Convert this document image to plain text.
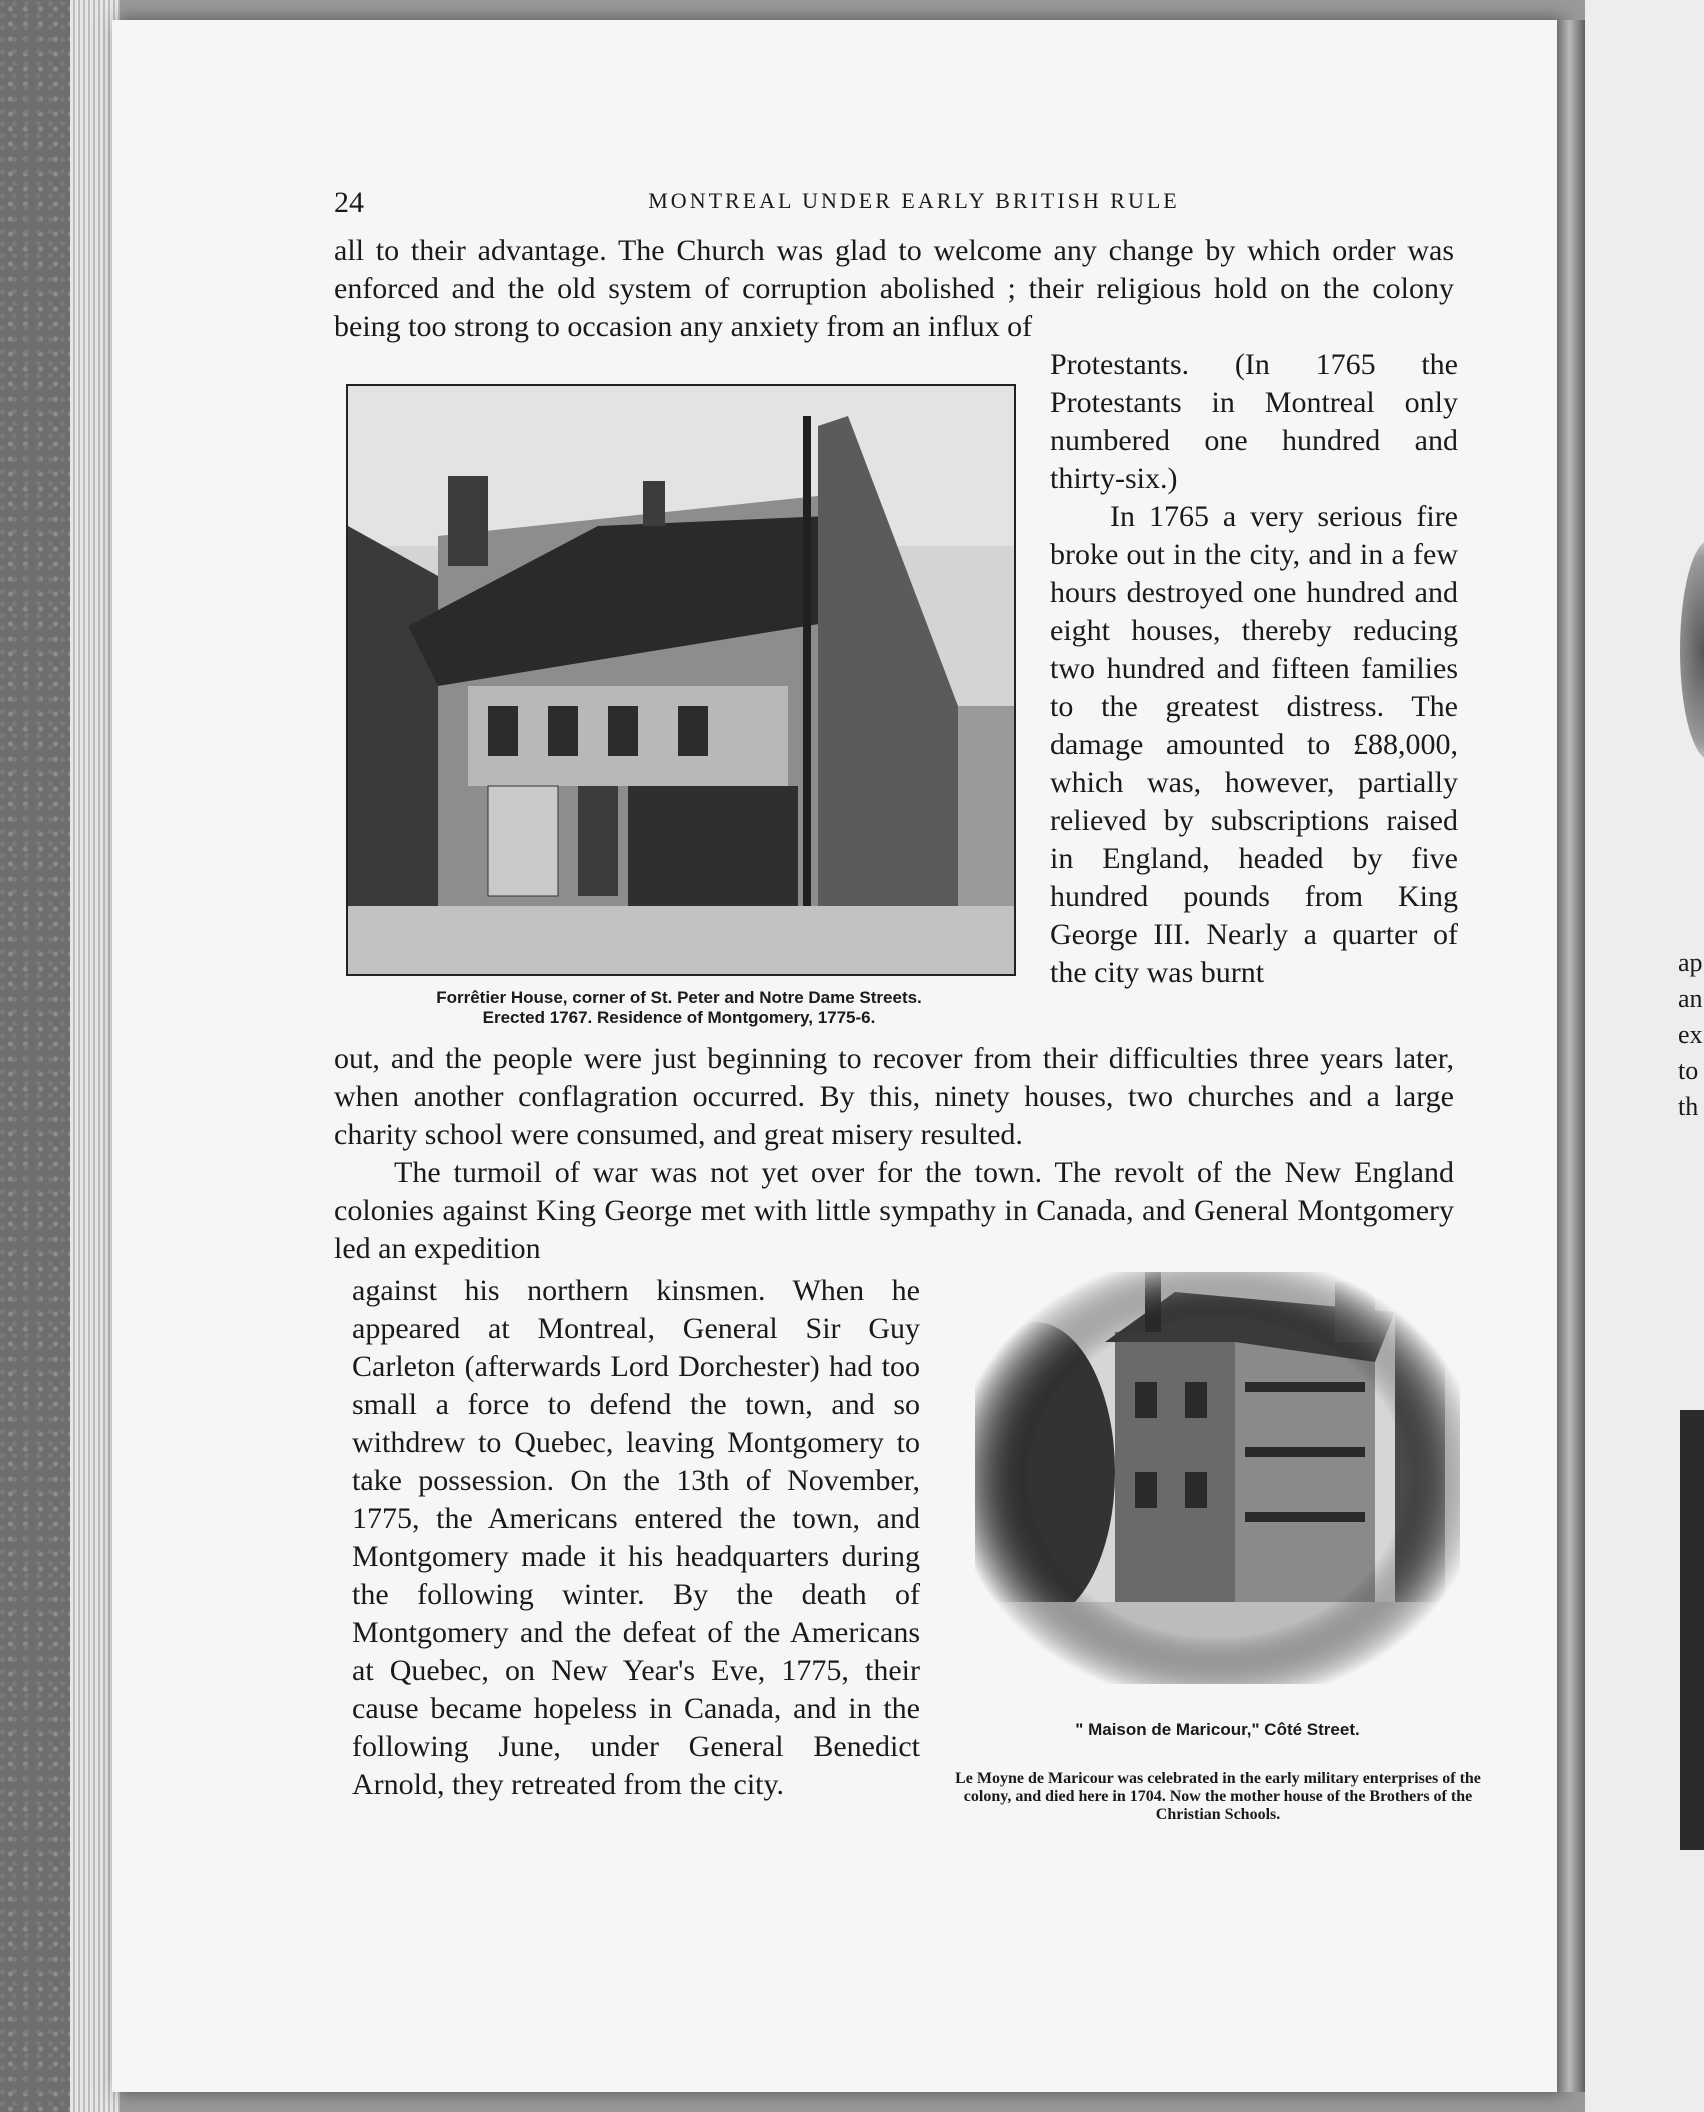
ap
an
ex
to
th
24	MONTREAL UNDER EARLY BRITISH RULE
all to their advantage. The Church was glad to welcome any change by which order was enforced and the old system of corruption abolished ; their religious hold on the colony being too strong to occasion any anxiety from an influx of
Forrêtier House, corner of St. Peter and Notre Dame Streets.
Erected 1767. Residence of Montgomery, 1775-6.

Protestants. (In 1765 the Protestants in Montreal only numbered one hundred and thirty-six.)

In 1765 a very serious fire broke out in the city, and in a few hours destroyed one hundred and eight houses, thereby reducing two hundred and fifteen families to the greatest distress. The damage amounted to £88,000, which was, however, partially relieved by subscriptions raised in England, headed by five hundred pounds from King George III. Nearly a quarter of the city was burnt

out, and the people were just beginning to recover from their difficulties three years later, when another conflagration occurred. By this, ninety houses, two churches and a large charity school were consumed, and great misery resulted.

The turmoil of war was not yet over for the town. The revolt of the New England colonies against King George met with little sympathy in Canada, and General Montgomery led an expedition

against his northern kinsmen. When he appeared at Montreal, General Sir Guy Carleton (afterwards Lord Dorchester) had too small a force to defend the town, and so withdrew to Quebec, leaving Montgomery to take possession. On the 13th of November, 1775, the Americans entered the town, and Montgomery made it his headquarters during the following winter. By the death of Montgomery and the defeat of the Americans at Quebec, on New Year's Eve, 1775, their cause became hopeless in Canada, and in the following June, under General Benedict Arnold, they retreated from the city.
" Maison de Maricour," Côté Street.
Le Moyne de Maricour was celebrated in the early military enterprises of the colony, and died here in 1704. Now the mother house of the Brothers of the Christian Schools.
